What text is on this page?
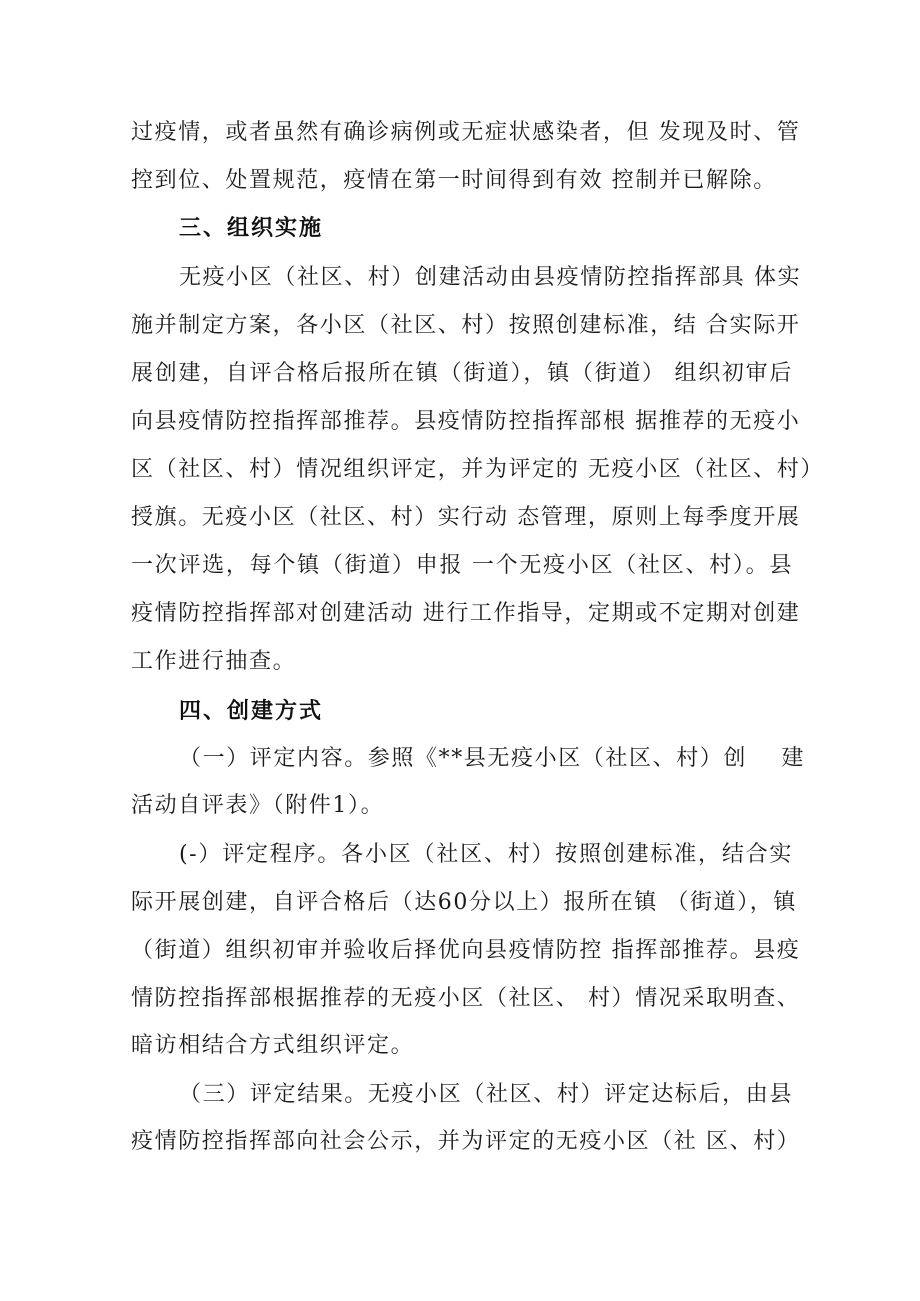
过疫情，或者虽然有确诊病例或无症状感染者，但 发现及时、管
控到位、处置规范，疫情在第一时间得到有效 控制并已解除。
三、组织实施
无疫小区（社区、村）创建活动由县疫情防控指挥部具 体实
施并制定方案，各小区（社区、村）按照创建标准，结 合实际开
展创建，自评合格后报所在镇（街道），镇（街道） 组织初审后
向县疫情防控指挥部推荐。县疫情防控指挥部根 据推荐的无疫小
区（社区、村）情况组织评定，并为评定的 无疫小区（社区、村）
授旗。无疫小区（社区、村）实行动 态管理，原则上每季度开展
一次评选，每个镇（街道）申报 一个无疫小区（社区、村）。县
疫情防控指挥部对创建活动 进行工作指导，定期或不定期对创建
工作进行抽查。
四、创建方式
（一）评定内容。参照《**县无疫小区（社区、村）创    建
活动自评表》（附件1）。
(-）评定程序。各小区（社区、村）按照创建标准，结合实
际开展创建，自评合格后（达60分以上）报所在镇 （街道），镇
（街道）组织初审并验收后择优向县疫情防控 指挥部推荐。县疫
情防控指挥部根据推荐的无疫小区（社区、 村）情况采取明查、
暗访相结合方式组织评定。
（三）评定结果。无疫小区（社区、村）评定达标后，由县
疫情防控指挥部向社会公示，并为评定的无疫小区（社 区、村）
